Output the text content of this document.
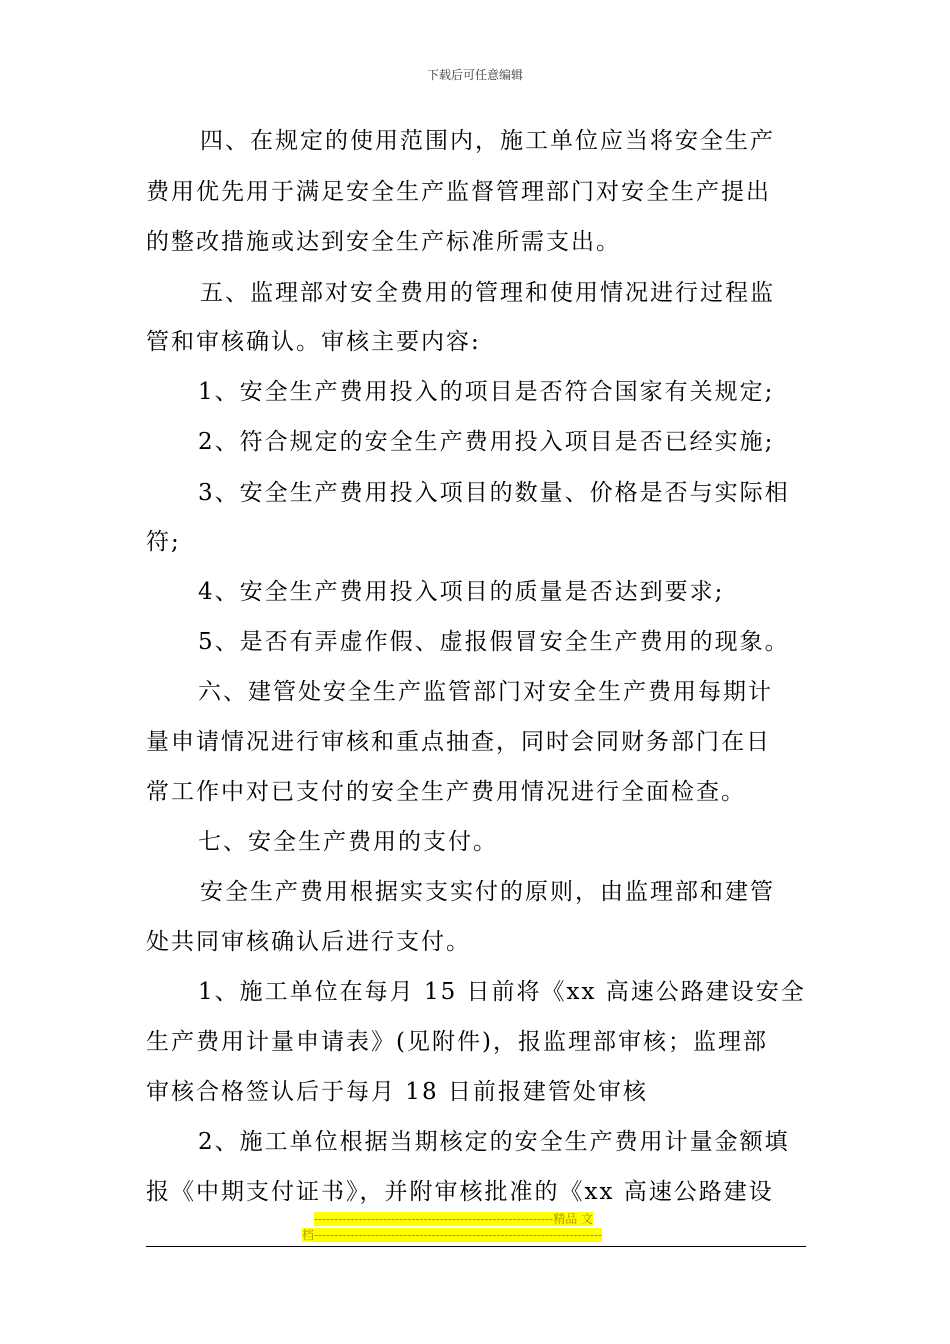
下载后可任意编辑
四、在规定的使用范围内，施工单位应当将安全生产
费用优先用于满足安全生产监督管理部门对安全生产提出
的整改措施或达到安全生产标准所需支出。
五、监理部对安全费用的管理和使用情况进行过程监
管和审核确认。审核主要内容:
1、安全生产费用投入的项目是否符合国家有关规定;
2、符合规定的安全生产费用投入项目是否已经实施;
3、安全生产费用投入项目的数量、价格是否与实际相
符;
4、安全生产费用投入项目的质量是否达到要求;
5、是否有弄虚作假、虚报假冒安全生产费用的现象。
六、建管处安全生产监管部门对安全生产费用每期计
量申请情况进行审核和重点抽查，同时会同财务部门在日
常工作中对已支付的安全生产费用情况进行全面检查。
七、安全生产费用的支付。
安全生产费用根据实支实付的原则，由监理部和建管
处共同审核确认后进行支付。
1、施工单位在每月 15 日前将《xx 高速公路建设安全
生产费用计量申请表》(见附件)，报监理部审核；监理部
审核合格签认后于每月 18 日前报建管处审核
2、施工单位根据当期核定的安全生产费用计量金额填
报《中期支付证书》，并附审核批准的《xx 高速公路建设
-----------------------------------------------------------精品 文
档-----------------------------------------------------------------------
